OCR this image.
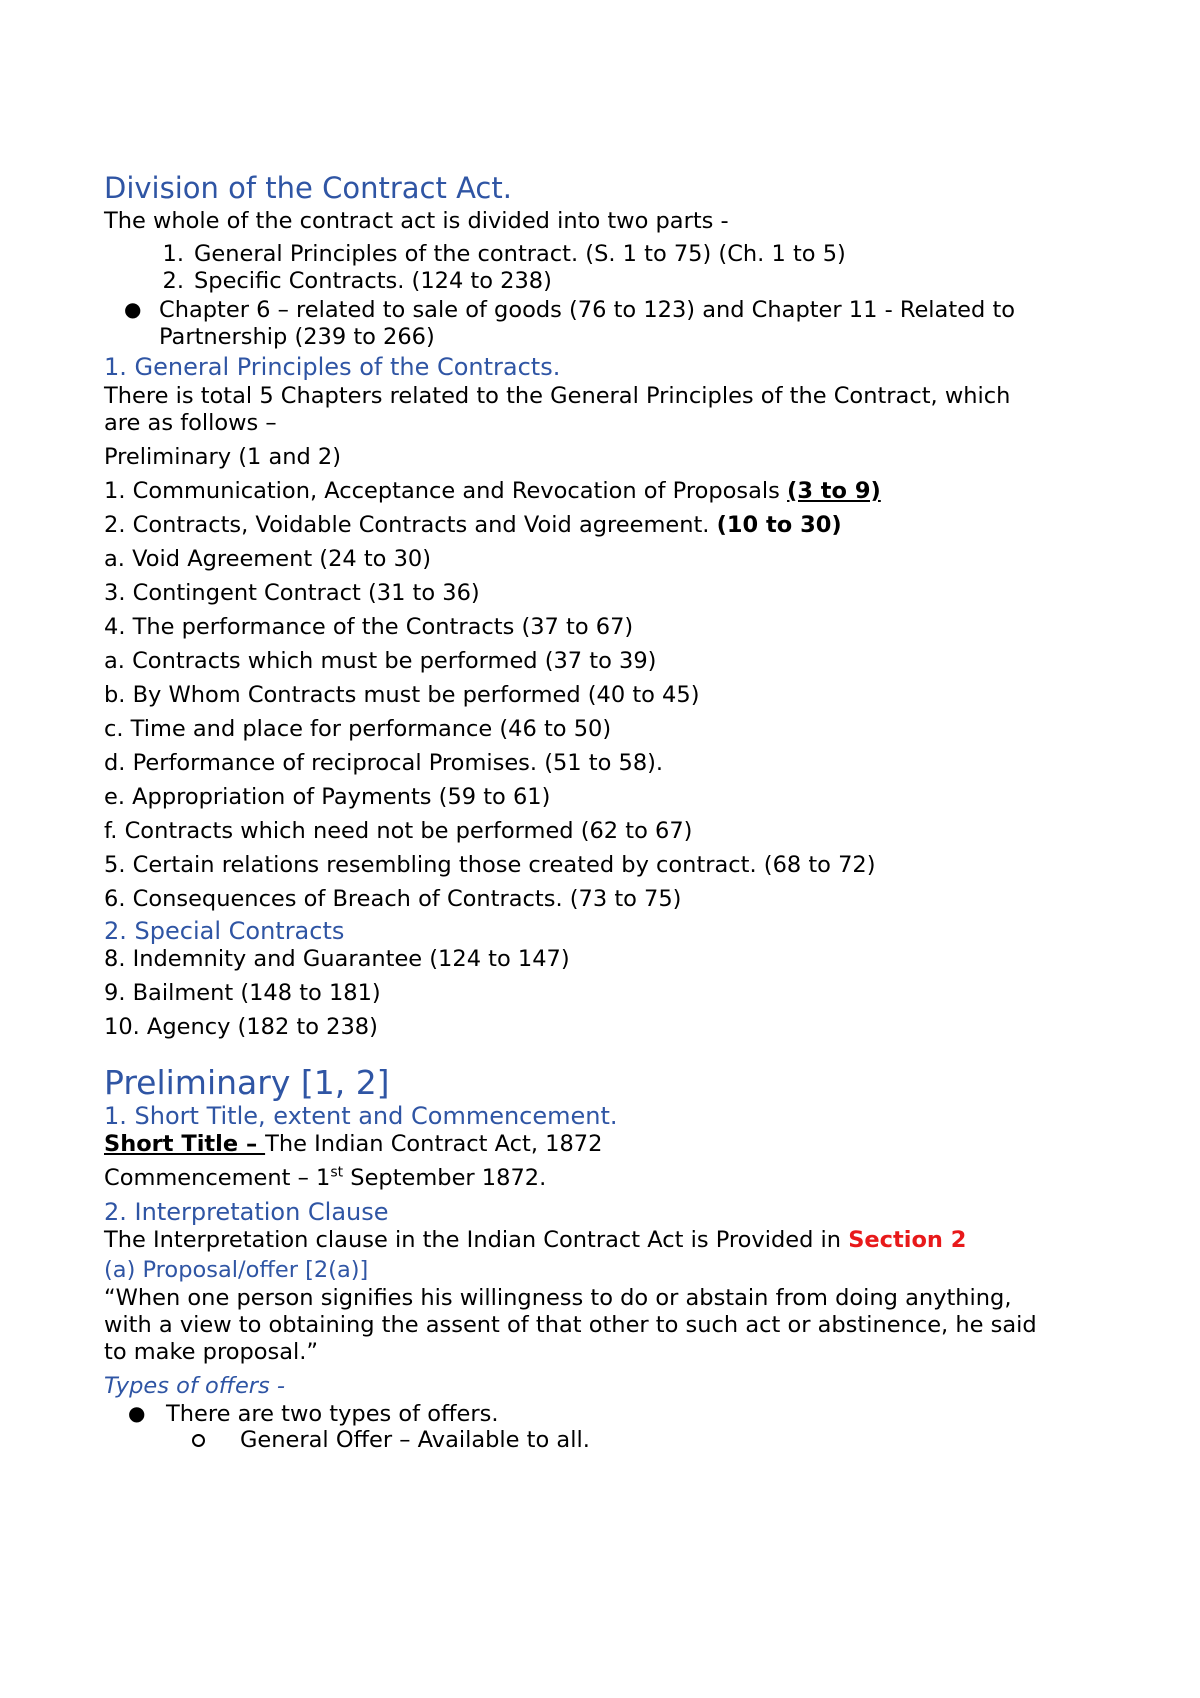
Division of the Contract Act.
The whole of the contract act is divided into two parts -
1. General Principles of the contract. (S. 1 to 75) (Ch. 1 to 5)
2. Specific Contracts. (124 to 238)
● Chapter 6 – related to sale of goods (76 to 123) and Chapter 11 - Related to
Partnership (239 to 266)
1. General Principles of the Contracts.
There is total 5 Chapters related to the General Principles of the Contract, which
are as follows –
Preliminary (1 and 2)
1. Communication, Acceptance and Revocation of Proposals (3 to 9)
2. Contracts, Voidable Contracts and Void agreement. (10 to 30)
a. Void Agreement (24 to 30)
3. Contingent Contract (31 to 36)
4. The performance of the Contracts (37 to 67)
a. Contracts which must be performed (37 to 39)
b. By Whom Contracts must be performed (40 to 45)
c. Time and place for performance (46 to 50)
d. Performance of reciprocal Promises. (51 to 58).
e. Appropriation of Payments (59 to 61)
f. Contracts which need not be performed (62 to 67)
5. Certain relations resembling those created by contract. (68 to 72)
6. Consequences of Breach of Contracts. (73 to 75)
2. Special Contracts
8. Indemnity and Guarantee (124 to 147)
9. Bailment (148 to 181)
10. Agency (182 to 238)
Preliminary [1, 2]
1. Short Title, extent and Commencement.
Short Title – The Indian Contract Act, 1872
Commencement – 1st September 1872.
2. Interpretation Clause
The Interpretation clause in the Indian Contract Act is Provided in Section 2
(a) Proposal/offer [2(a)]
“When one person signifies his willingness to do or abstain from doing anything,
with a view to obtaining the assent of that other to such act or abstinence, he said
to make proposal.”
Types of offers -
● There are two types of offers.
General Offer – Available to all.
